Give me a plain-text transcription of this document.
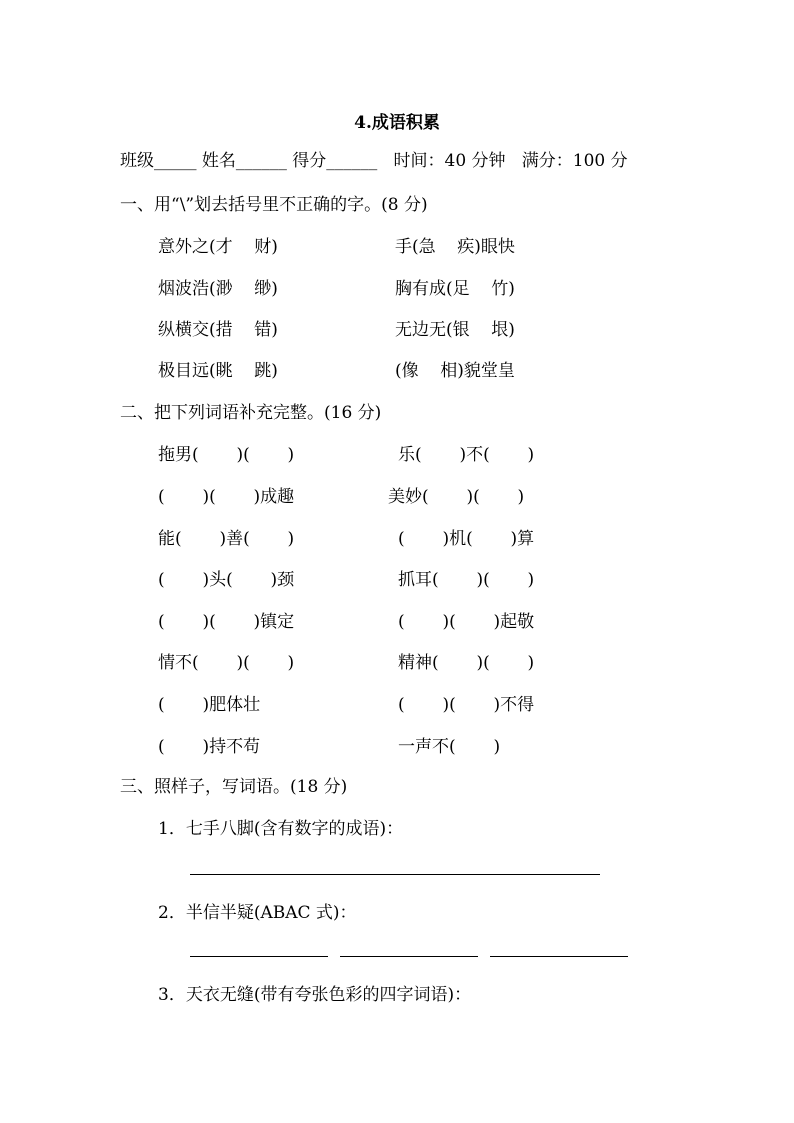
4.成语积累
班级_____ 姓名______ 得分______   时间：40 分钟   满分：100 分
一、用“\”划去括号里不正确的字。(8 分)
意外之(才    财)	手(急    疾)眼快
烟波浩(渺    缈)	胸有成(足    竹)
纵横交(措    错)	无边无(银    垠)
极目远(眺    跳)	(像    相)貌堂皇
二、把下列词语补充完整。(16 分)
拖男(       )(       )	乐(       )不(       )
(       )(       )成趣	美妙(       )(       )
能(       )善(       )	(       )机(       )算
(       )头(       )颈	抓耳(       )(       )
(       )(       )镇定	(       )(       )起敬
情不(       )(       )	精神(       )(       )
(       )肥体壮	(       )(       )不得
(       )持不苟	一声不(       )
三、照样子，写词语。(18 分)
1．七手八脚(含有数字的成语)：
2．半信半疑(ABAC 式)：
3．天衣无缝(带有夸张色彩的四字词语)：
